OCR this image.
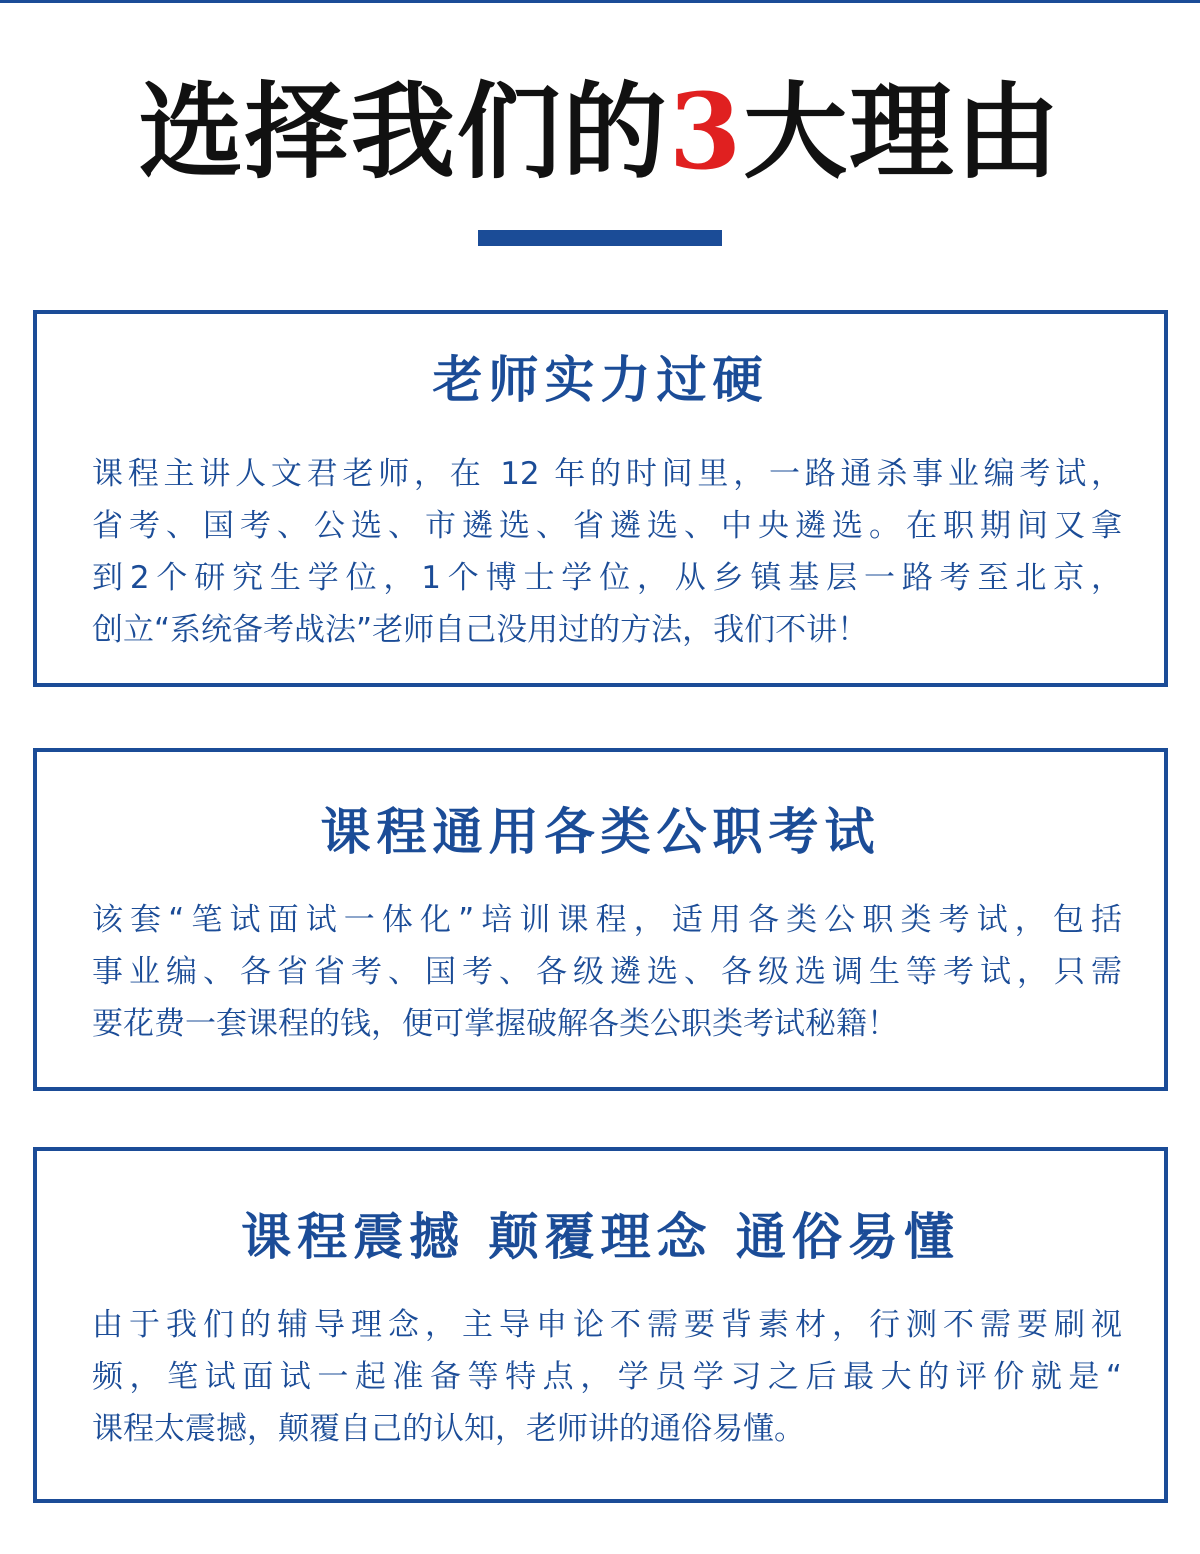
选择我们的3大理由
老师实力过硬
课程主讲人文君老师，在 12 年的时间里，一路通杀事业编考试，
省考、国考、公选、市遴选、省遴选、中央遴选。在职期间又拿
到2个研究生学位，1个博士学位，从乡镇基层一路考至北京，
创立“系统备考战法”老师自己没用过的方法，我们不讲！
课程通用各类公职考试
该套“笔试面试一体化”培训课程，适用各类公职类考试，包括
事业编、各省省考、国考、各级遴选、各级选调生等考试，只需
要花费一套课程的钱，便可掌握破解各类公职类考试秘籍！
课程震撼 颠覆理念 通俗易懂
由于我们的辅导理念，主导申论不需要背素材，行测不需要刷视
频，笔试面试一起准备等特点，学员学习之后最大的评价就是“
课程太震撼，颠覆自己的认知，老师讲的通俗易懂。
